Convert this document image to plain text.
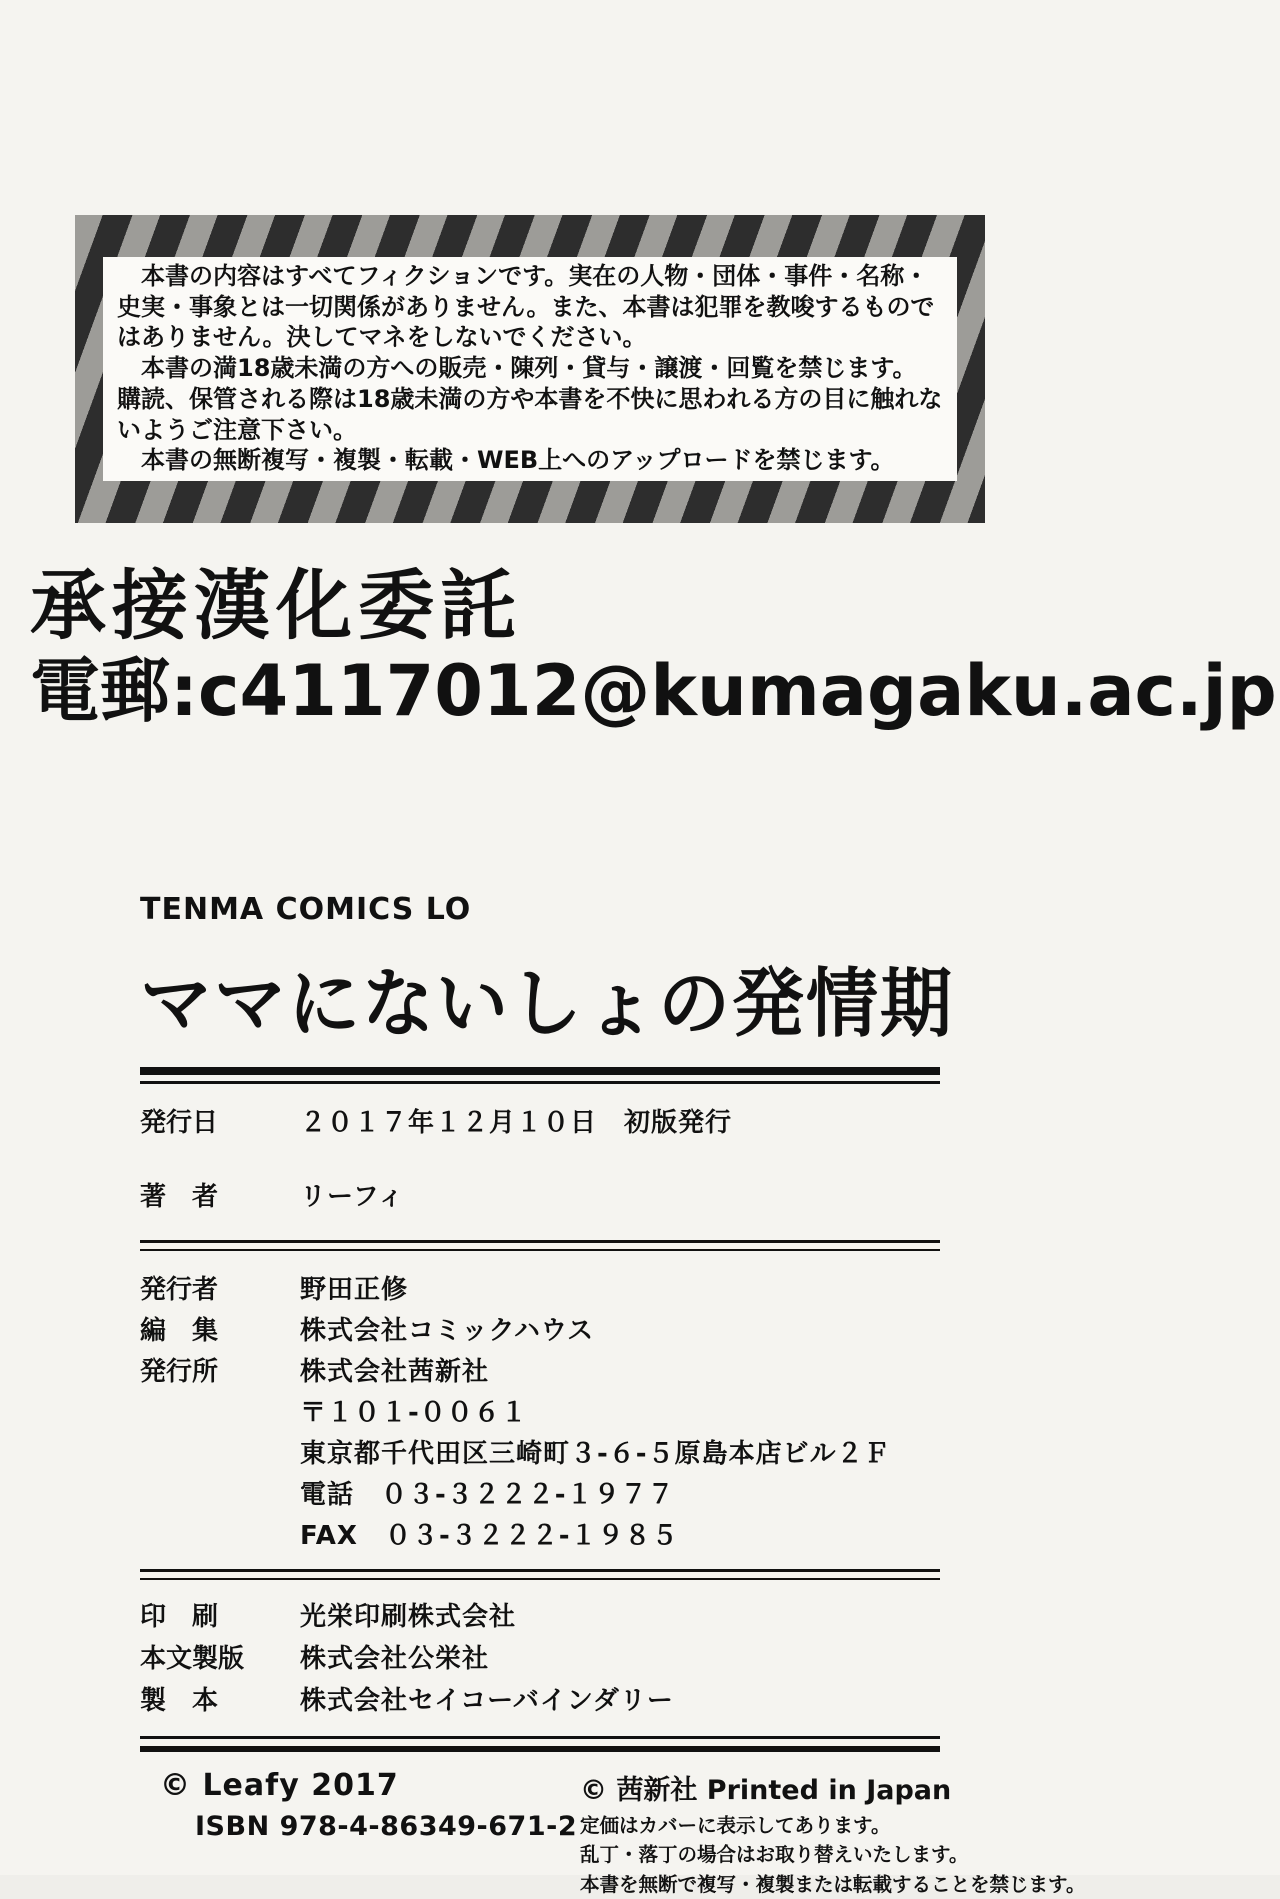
　本書の内容はすべてフィクションです。実在の人物・団体・事件・名称・
史実・事象とは一切関係がありません。また、本書は犯罪を教唆するもので
はありません。決してマネをしないでください。
　本書の満18歳未満の方への販売・陳列・貸与・譲渡・回覧を禁じます。
購読、保管される際は18歳未満の方や本書を不快に思われる方の目に触れな
いようご注意下さい。
　本書の無断複写・複製・転載・WEB上へのアップロードを禁じます。
承接漢化委託
電郵:c4117012@kumagaku.ac.jp
TENMA COMICS LO
ママにないしょの発情期
発行日	２０１７年１２月１０日　初版発行
著　者	リーフィ
発行者	野田正修
編　集	株式会社コミックハウス
発行所	株式会社茜新社
〒１０１-００６１
東京都千代田区三崎町３-６-５原島本店ビル２Ｆ
電話　０３-３２２２-１９７７
FAX　０３-３２２２-１９８５
印　刷	光栄印刷株式会社
本文製版	株式会社公栄社
製　本	株式会社セイコーバインダリー
© Leafy 2017
ISBN 978-4-86349-671-2
© 茜新社 Printed in Japan
定価はカバーに表示してあります。
乱丁・落丁の場合はお取り替えいたします。
本書を無断で複写・複製または転載することを禁じます。
